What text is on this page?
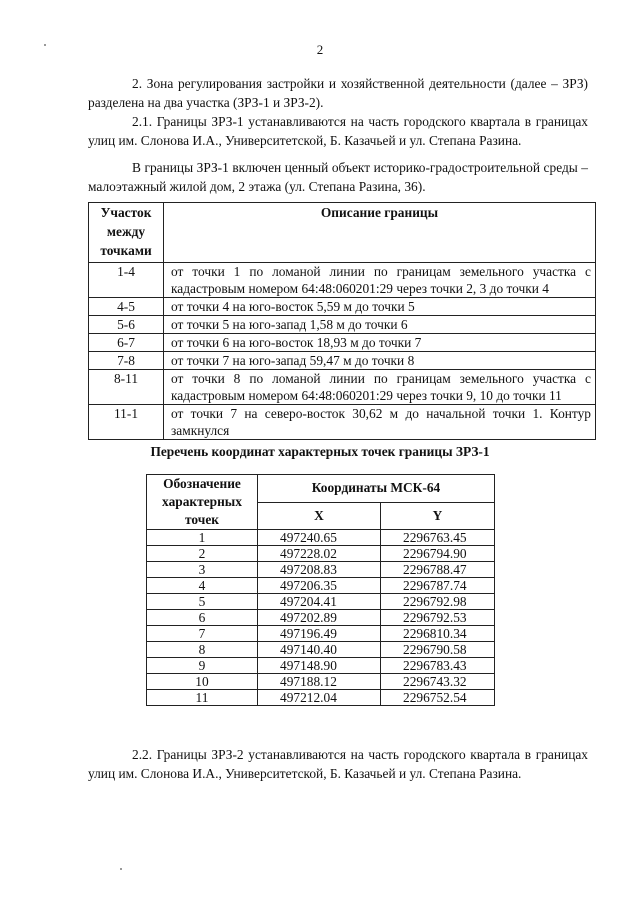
2

2. Зона регулирования застройки и хозяйственной деятельности (далее – ЗРЗ) разделена на два участка (ЗРЗ-1 и ЗРЗ-2).

2.1. Границы ЗРЗ-1 устанавливаются на часть городского квартала в границах улиц им. Слонова И.А., Университетской, Б. Казачьей и ул. Степана Разина.

В границы ЗРЗ-1 включен ценный объект историко-градостроительной среды – малоэтажный жилой дом, 2 этажа (ул. Степана Разина, 36).

Участок между точками	Описание границы

1-4	от точки 1 по ломаной линии по границам земельного участка с кадастровым номером 64:48:060201:29 через точки 2, 3 до точки 4

4-5	от точки 4 на юго-восток 5,59 м до точки 5

5-6	от точки 5 на юго-запад 1,58 м до точки 6

6-7	от точки 6 на юго-восток 18,93 м до точки 7

7-8	от точки 7 на юго-запад 59,47 м до точки 8

8-11	от точки 8 по ломаной линии по границам земельного участка с кадастровым номером 64:48:060201:29 через точки 9, 10 до точки 11

11-1	от точки 7 на северо-восток 30,62 м до начальной точки 1. Контур замкнулся
Перечень координат характерных точек границы ЗРЗ-1
Обозначение характерных точек	Координаты МСК-64	
	X	Y
1	497240.65	2296763.45
2	497228.02	2296794.90
3	497208.83	2296788.47
4	497206.35	2296787.74
5	497204.41	2296792.98
6	497202.89	2296792.53
7	497196.49	2296810.34
8	497140.40	2296790.58
9	497148.90	2296783.43
10	497188.12	2296743.32
11	497212.04	2296752.54

2.2. Границы ЗРЗ-2 устанавливаются на часть городского квартала в границах улиц им. Слонова И.А., Университетской, Б. Казачьей и ул. Степана Разина.
